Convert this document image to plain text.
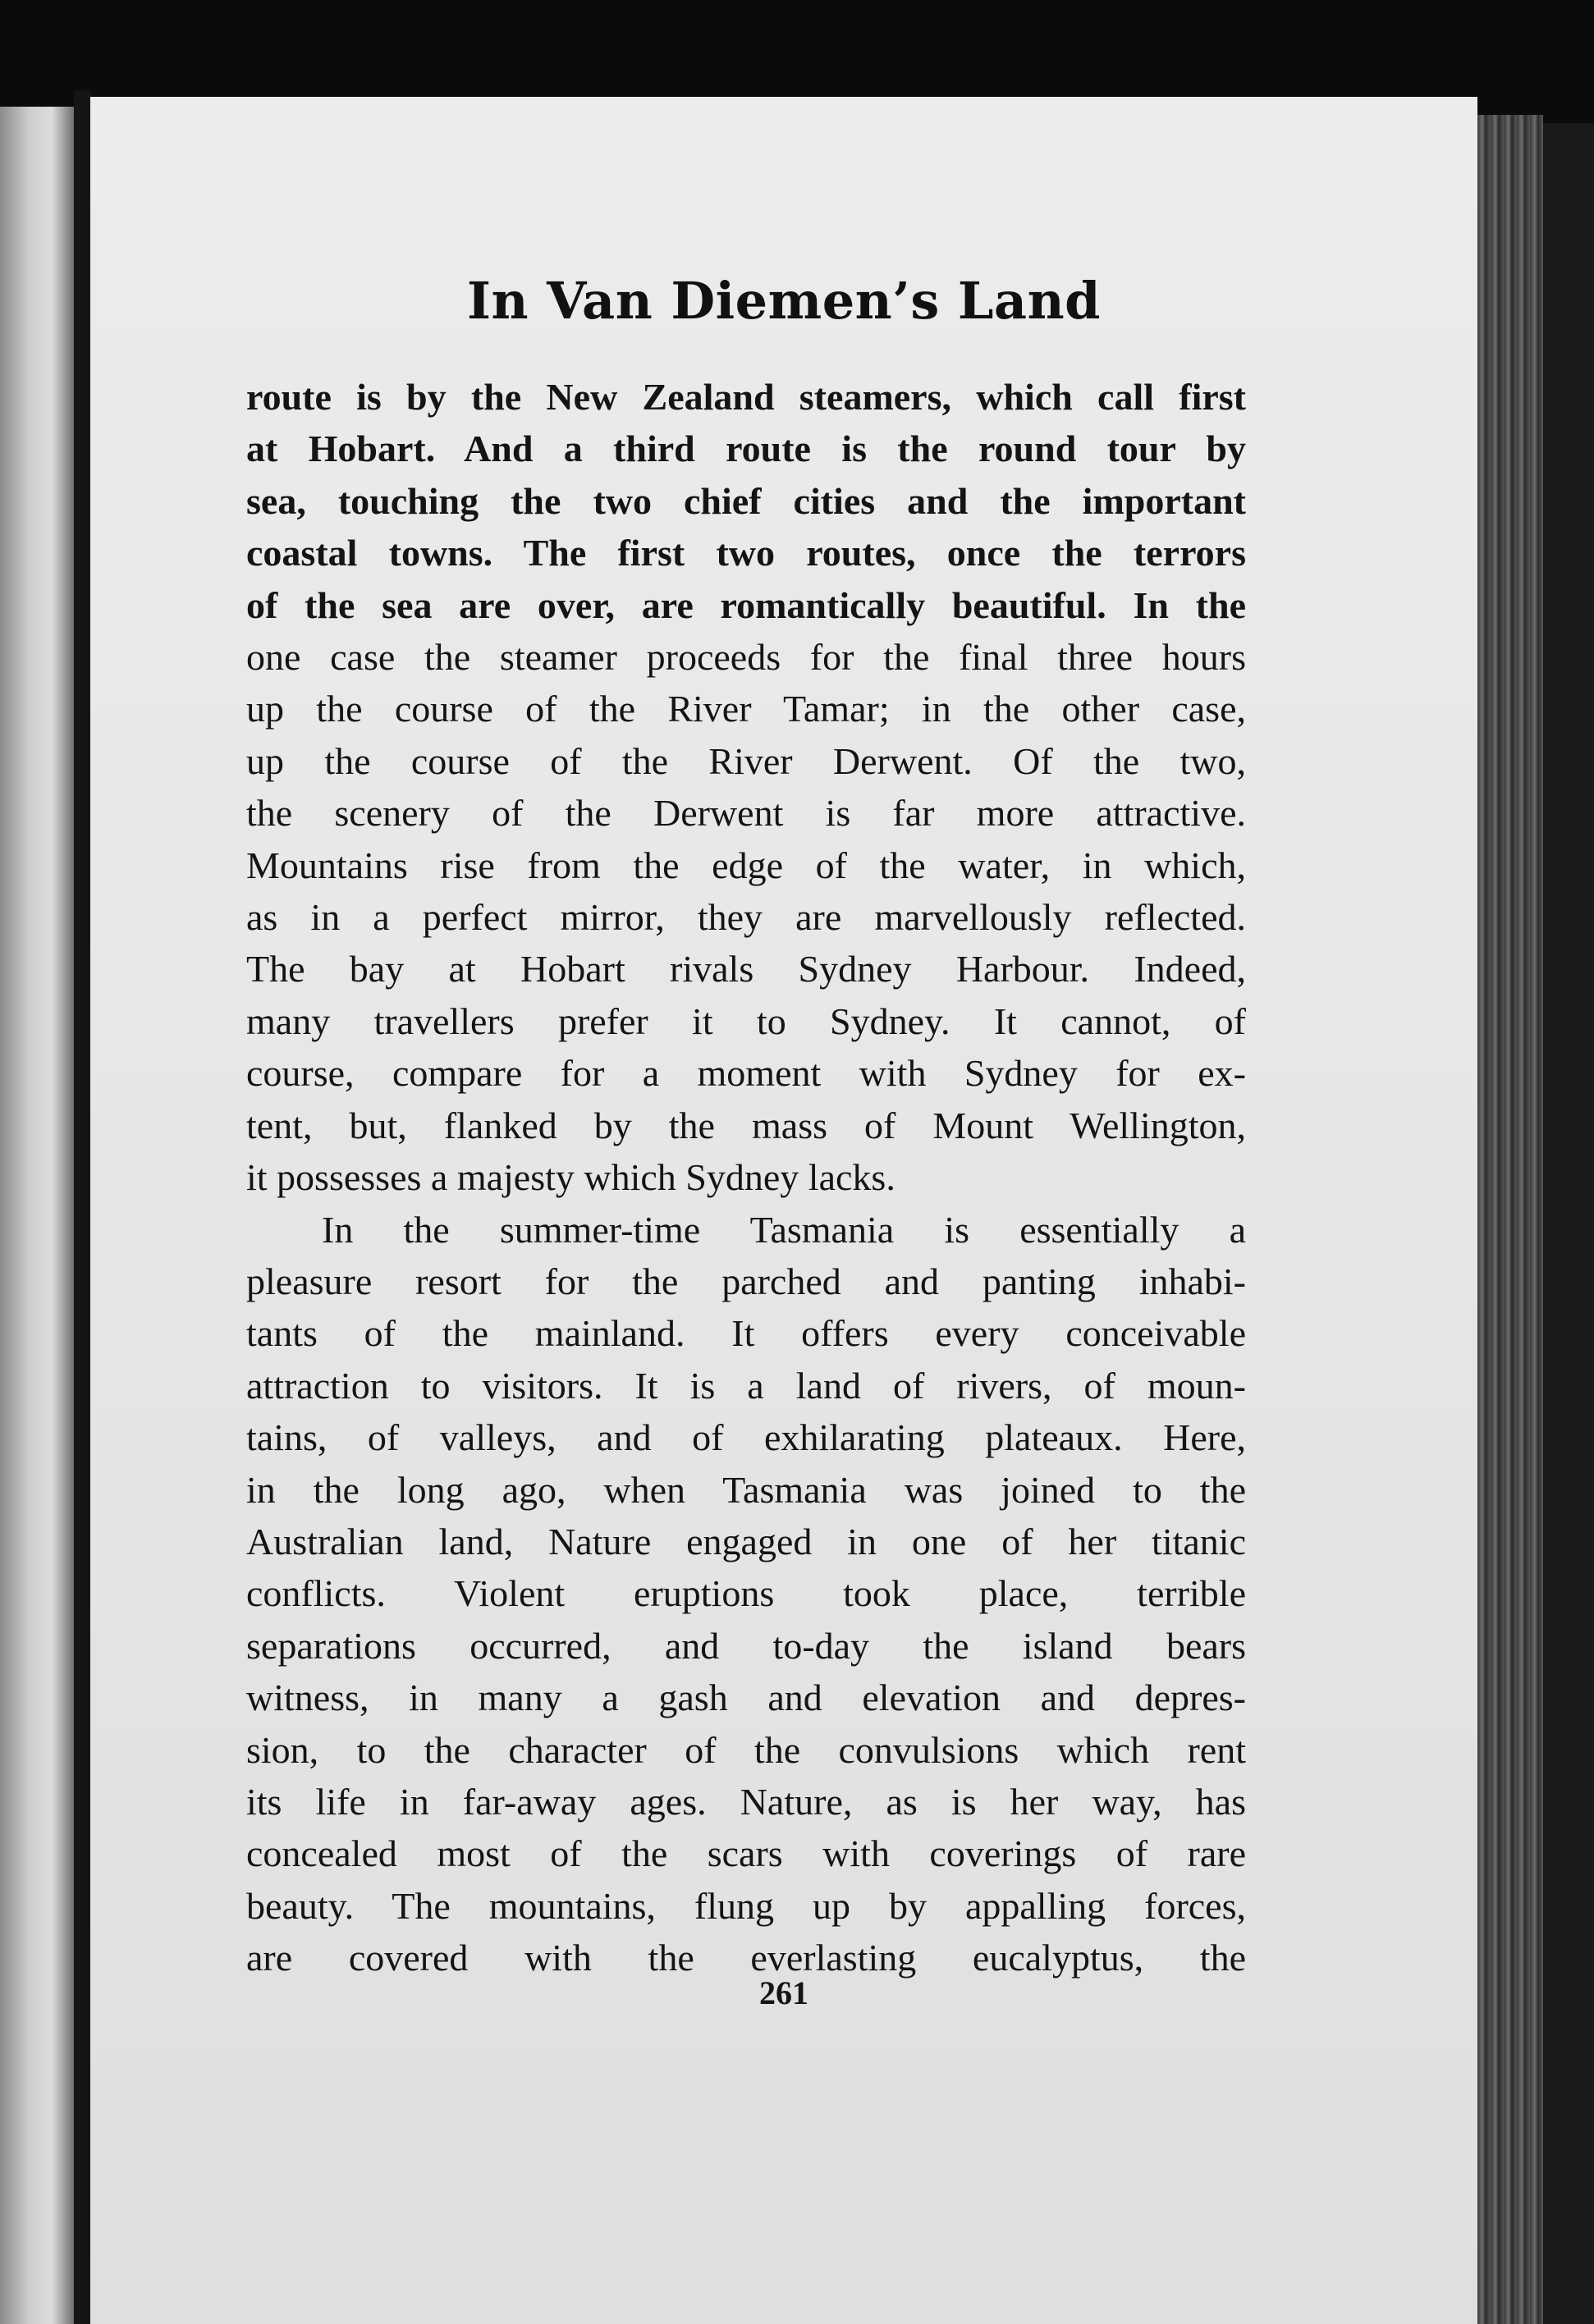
In Van Diemen’s Land
route is by the New Zealand steamers, which call first
at Hobart. And a third route is the round tour by
sea, touching the two chief cities and the important
coastal towns. The first two routes, once the terrors
of the sea are over, are romantically beautiful. In the
one case the steamer proceeds for the final three hours
up the course of the River Tamar; in the other case,
up the course of the River Derwent. Of the two,
the scenery of the Derwent is far more attractive.
Mountains rise from the edge of the water, in which,
as in a perfect mirror, they are marvellously reflected.
The bay at Hobart rivals Sydney Harbour. Indeed,
many travellers prefer it to Sydney. It cannot, of
course, compare for a moment with Sydney for ex-
tent, but, flanked by the mass of Mount Wellington,
it possesses a majesty which Sydney lacks.
In the summer-time Tasmania is essentially a
pleasure resort for the parched and panting inhabi-
tants of the mainland. It offers every conceivable
attraction to visitors. It is a land of rivers, of moun-
tains, of valleys, and of exhilarating plateaux. Here,
in the long ago, when Tasmania was joined to the
Australian land, Nature engaged in one of her titanic
conflicts. Violent eruptions took place, terrible
separations occurred, and to-day the island bears
witness, in many a gash and elevation and depres-
sion, to the character of the convulsions which rent
its life in far-away ages. Nature, as is her way, has
concealed most of the scars with coverings of rare
beauty. The mountains, flung up by appalling forces,
are covered with the everlasting eucalyptus, the
261
